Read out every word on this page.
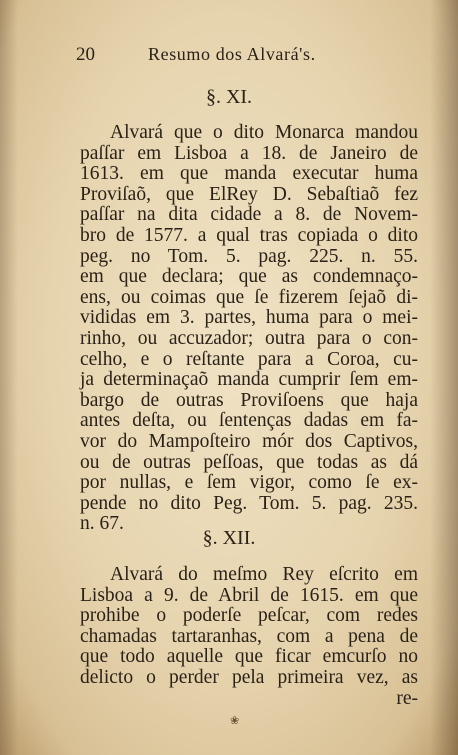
20	Resumo dos Alvará's.
§. XI.
Alvará que o dito Monarca mandou
paſſar em Lisboa a 18. de Janeiro de
1613. em que manda executar huma
Proviſaõ, que ElRey D. Sebaſtiaõ fez
paſſar na dita cidade a 8. de Novem-
bro de 1577. a qual tras copiada o dito
peg. no Tom. 5. pag. 225. n. 55.
em que declara; que as condemnaço-
ens, ou coimas que ſe fizerem ſejaõ di-
vididas em 3. partes, huma para o mei-
rinho, ou accuzador; outra para o con-
celho, e o reſtante para a Coroa, cu-
ja determinaçaõ manda cumprir ſem em-
bargo de outras Proviſoens que haja
antes deſta, ou ſentenças dadas em fa-
vor do Mampoſteiro mór dos Captivos,
ou de outras peſſoas, que todas as dá
por nullas, e ſem vigor, como ſe ex-
pende no dito Peg. Tom. 5. pag. 235.
n. 67.
§. XII.
Alvará do meſmo Rey eſcrito em
Lisboa a 9. de Abril de 1615. em que
prohibe o poderſe peſcar, com redes
chamadas tartaranhas, com a pena de
que todo aquelle que ficar emcurſo no
delicto o perder pela primeira vez, as
re-
❀
